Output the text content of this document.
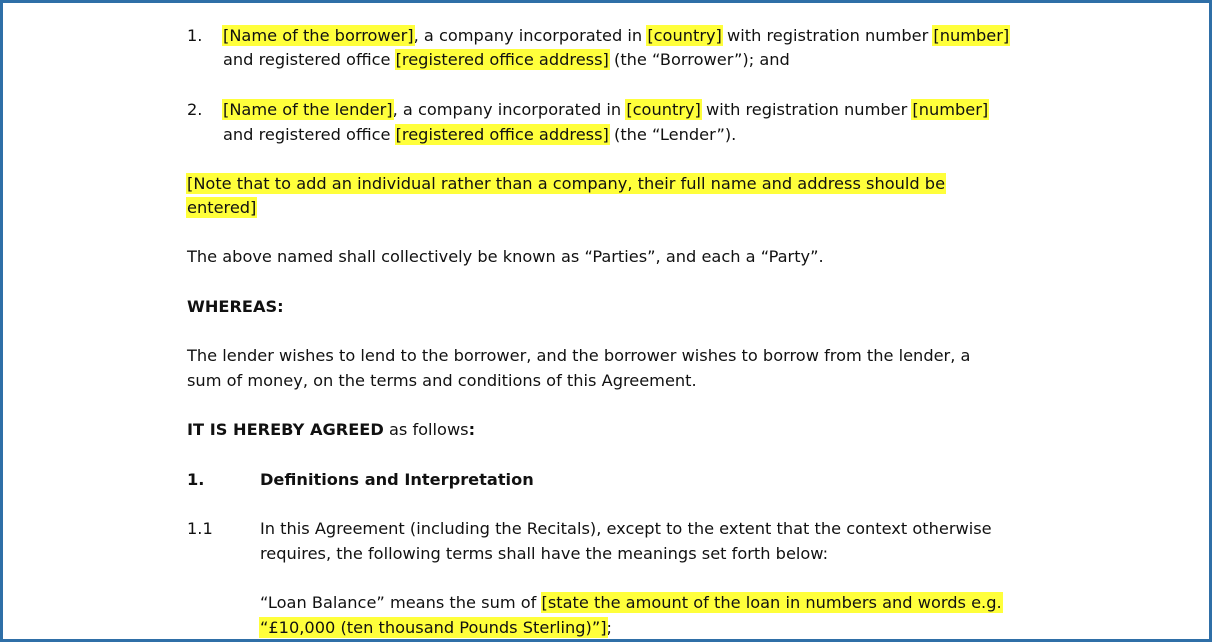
1. [Name of the borrower], a company incorporated in [country] with registration number [number]
and registered office [registered office address] (the “Borrower”); and
2. [Name of the lender], a company incorporated in [country] with registration number [number]
and registered office [registered office address] (the “Lender”).
[Note that to add an individual rather than a company, their full name and address should be
entered]
The above named shall collectively be known as “Parties”, and each a “Party”.
WHEREAS:
The lender wishes to lend to the borrower, and the borrower wishes to borrow from the lender, a
sum of money, on the terms and conditions of this Agreement.
IT IS HEREBY AGREED as follows:
1.	Definitions and Interpretation
1.1	In this Agreement (including the Recitals), except to the extent that the context otherwise
requires, the following terms shall have the meanings set forth below:
“Loan Balance” means the sum of [state the amount of the loan in numbers and words e.g.
“£10,000 (ten thousand Pounds Sterling)”];
